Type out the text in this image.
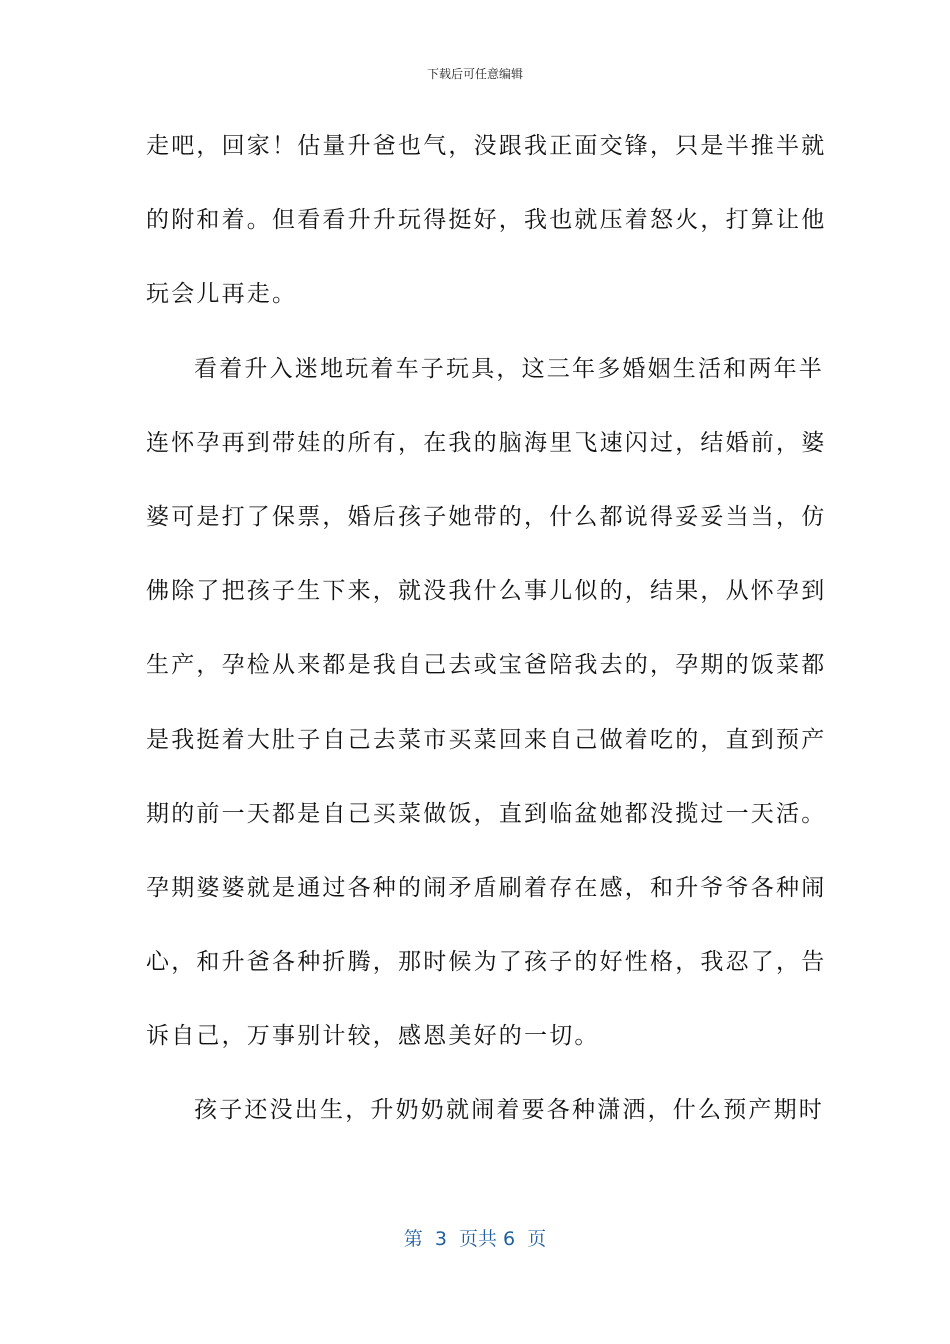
下载后可任意编辑
走吧，回家！估量升爸也气，没跟我正面交锋，只是半推半就
的附和着。但看看升升玩得挺好，我也就压着怒火，打算让他
玩会儿再走。
看着升入迷地玩着车子玩具，这三年多婚姻生活和两年半
连怀孕再到带娃的所有，在我的脑海里飞速闪过，结婚前，婆
婆可是打了保票，婚后孩子她带的，什么都说得妥妥当当，仿
佛除了把孩子生下来，就没我什么事儿似的，结果，从怀孕到
生产，孕检从来都是我自己去或宝爸陪我去的，孕期的饭菜都
是我挺着大肚子自己去菜市买菜回来自己做着吃的，直到预产
期的前一天都是自己买菜做饭，直到临盆她都没揽过一天活。
孕期婆婆就是通过各种的闹矛盾刷着存在感，和升爷爷各种闹
心，和升爸各种折腾，那时候为了孩子的好性格，我忍了，告
诉自己，万事别计较，感恩美好的一切。
孩子还没出生，升奶奶就闹着要各种潇洒，什么预产期时
第  3  页共 6  页
